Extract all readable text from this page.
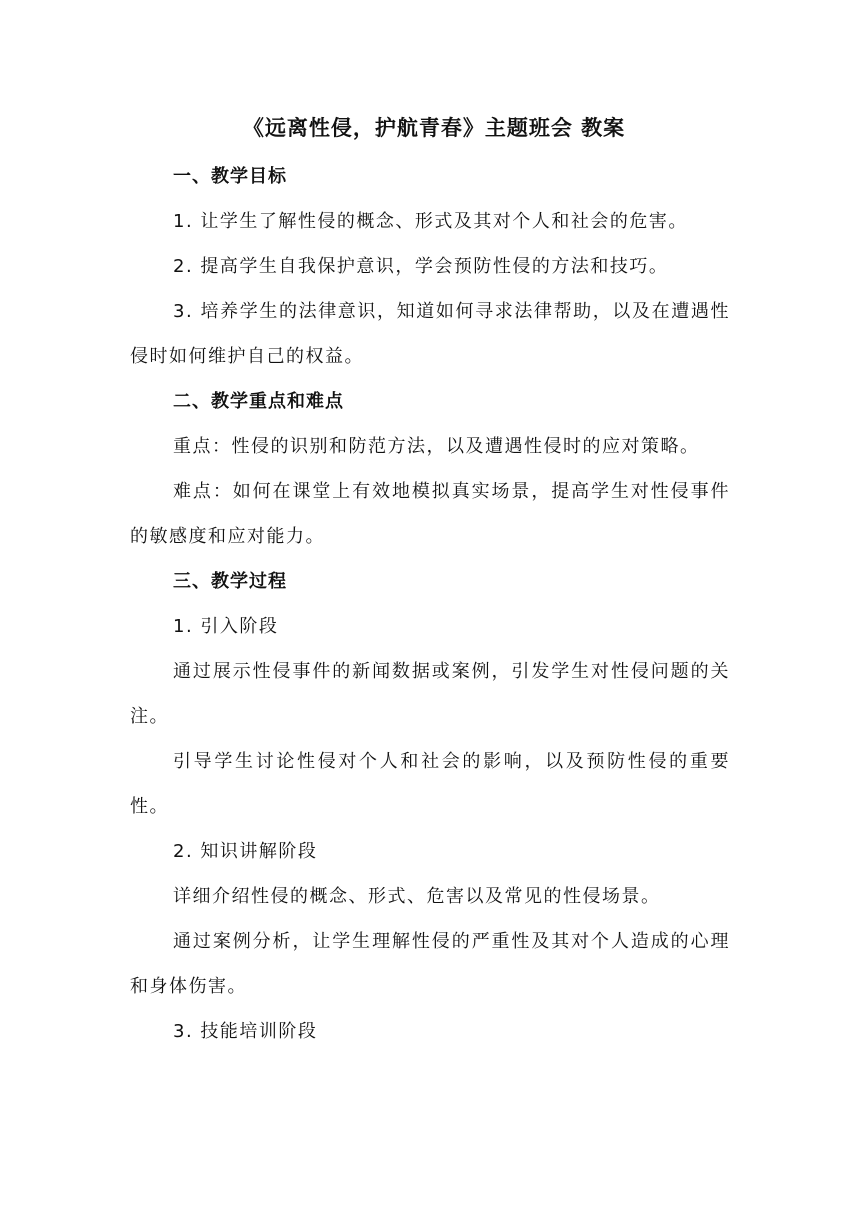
《远离性侵，护航青春》主题班会 教案

一、教学目标

1. 让学生了解性侵的概念、形式及其对个人和社会的危害。

2. 提高学生自我保护意识，学会预防性侵的方法和技巧。

3. 培养学生的法律意识，知道如何寻求法律帮助，以及在遭遇性侵时如何维护自己的权益。

二、教学重点和难点

重点：性侵的识别和防范方法，以及遭遇性侵时的应对策略。

难点：如何在课堂上有效地模拟真实场景，提高学生对性侵事件的敏感度和应对能力。

三、教学过程

1. 引入阶段

通过展示性侵事件的新闻数据或案例，引发学生对性侵问题的关注。

引导学生讨论性侵对个人和社会的影响，以及预防性侵的重要性。

2. 知识讲解阶段

详细介绍性侵的概念、形式、危害以及常见的性侵场景。

通过案例分析，让学生理解性侵的严重性及其对个人造成的心理和身体伤害。

3. 技能培训阶段
